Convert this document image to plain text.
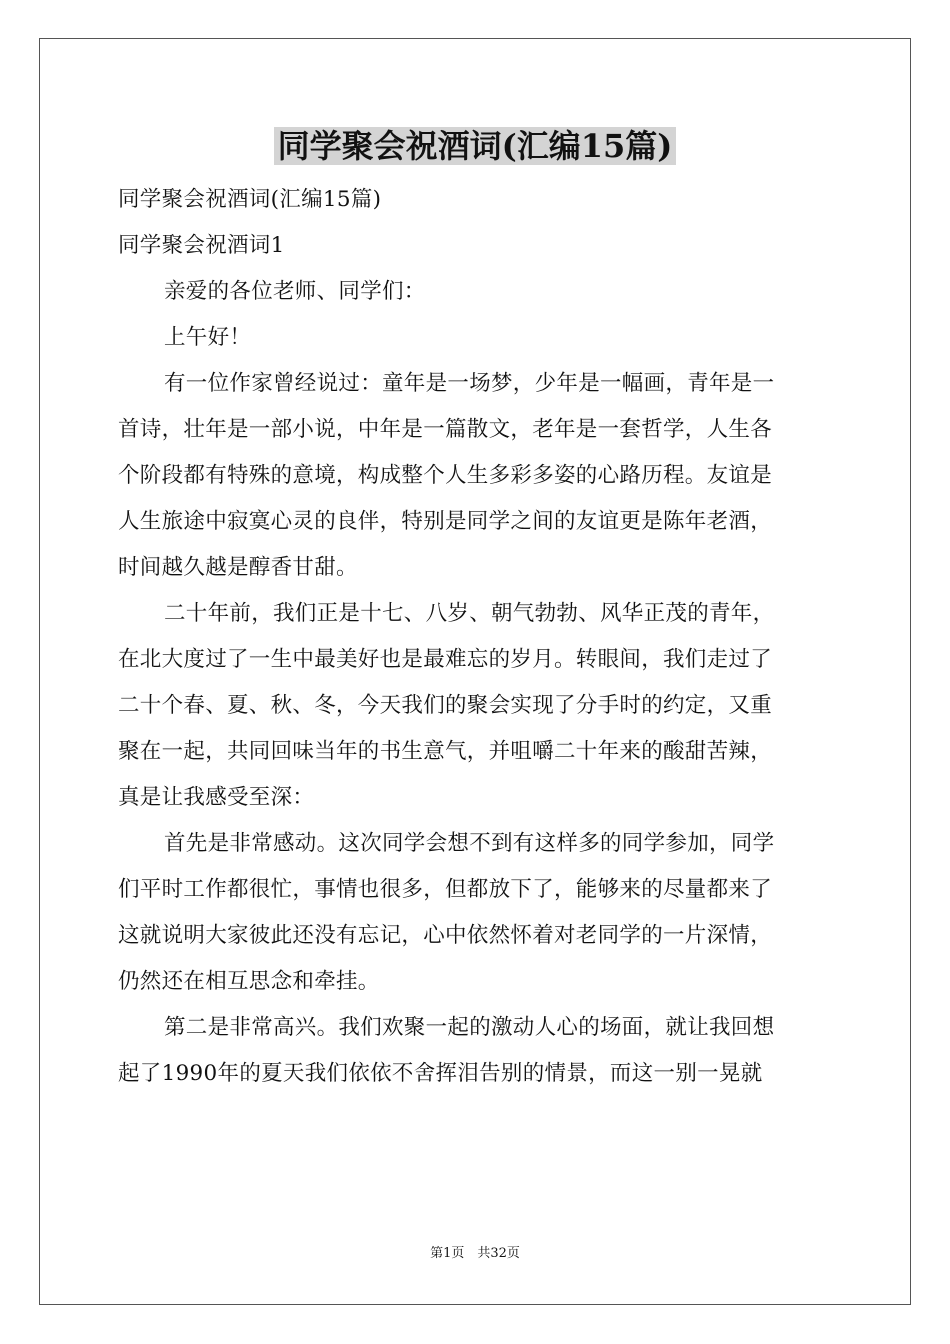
同学聚会祝酒词(汇编15篇)
同学聚会祝酒词(汇编15篇)
同学聚会祝酒词1
亲爱的各位老师、同学们：
上午好！
有一位作家曾经说过：童年是一场梦，少年是一幅画，青年是一
首诗，壮年是一部小说，中年是一篇散文，老年是一套哲学，人生各
个阶段都有特殊的意境，构成整个人生多彩多姿的心路历程。友谊是
人生旅途中寂寞心灵的良伴，特别是同学之间的友谊更是陈年老酒，
时间越久越是醇香甘甜。
二十年前，我们正是十七、八岁、朝气勃勃、风华正茂的青年，
在北大度过了一生中最美好也是最难忘的岁月。转眼间，我们走过了
二十个春、夏、秋、冬，今天我们的聚会实现了分手时的约定，又重
聚在一起，共同回味当年的书生意气，并咀嚼二十年来的酸甜苦辣，
真是让我感受至深：
首先是非常感动。这次同学会想不到有这样多的同学参加，同学
们平时工作都很忙，事情也很多，但都放下了，能够来的尽量都来了
这就说明大家彼此还没有忘记，心中依然怀着对老同学的一片深情，
仍然还在相互思念和牵挂。
第二是非常高兴。我们欢聚一起的激动人心的场面，就让我回想
起了1990年的夏天我们依依不舍挥泪告别的情景，而这一别一晃就
第1页　共32页
